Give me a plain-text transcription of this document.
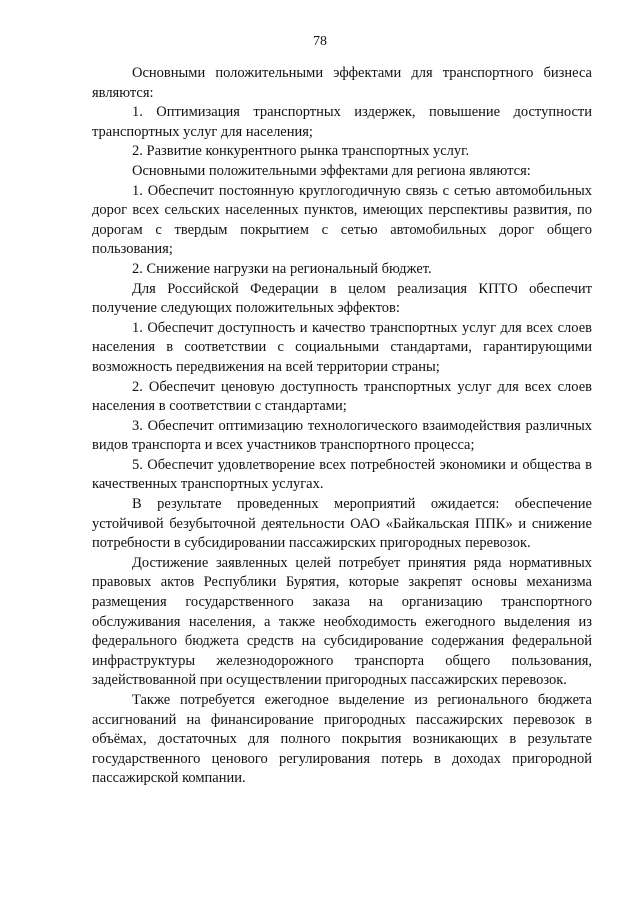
78

Основными положительными эффектами для транспортного бизнеса являются:

1. Оптимизация транспортных издержек, повышение доступности транспортных услуг для населения;

2. Развитие конкурентного рынка транспортных услуг.

Основными положительными эффектами для региона являются:

1. Обеспечит постоянную круглогодичную связь с сетью автомобильных дорог всех сельских населенных пунктов, имеющих перспективы развития, по дорогам с твердым покрытием с сетью автомобильных дорог общего пользования;

2. Снижение нагрузки на региональный бюджет.

Для Российской Федерации в целом реализация КПТО обеспечит получение следующих положительных эффектов:

1. Обеспечит доступность и качество транспортных услуг для всех слоев населения в соответствии с социальными стандартами, гарантирующими возможность передвижения на всей территории страны;

2. Обеспечит ценовую доступность транспортных услуг для всех слоев населения в соответствии с стандартами;

3. Обеспечит оптимизацию технологического взаимодействия различных видов транспорта и всех участников транспортного процесса;

5. Обеспечит удовлетворение всех потребностей экономики и общества в качественных транспортных услугах.

В результате проведенных мероприятий ожидается: обеспечение устойчивой безубыточной деятельности ОАО «Байкальская ППК» и снижение потребности в субсидировании пассажирских пригородных перевозок.

Достижение заявленных целей потребует принятия ряда нормативных правовых актов Республики Бурятия, которые закрепят основы механизма размещения государственного заказа на организацию транспортного обслуживания населения, а также необходимость ежегодного выделения из федерального бюджета средств на субсидирование содержания федеральной инфраструктуры железнодорожного транспорта общего пользования, задействованной при осуществлении пригородных пассажирских перевозок.

Также потребуется ежегодное выделение из регионального бюджета ассигнований на финансирование пригородных пассажирских перевозок в объёмах, достаточных для полного покрытия возникающих в результате государственного ценового регулирования потерь в доходах пригородной пассажирской компании.
